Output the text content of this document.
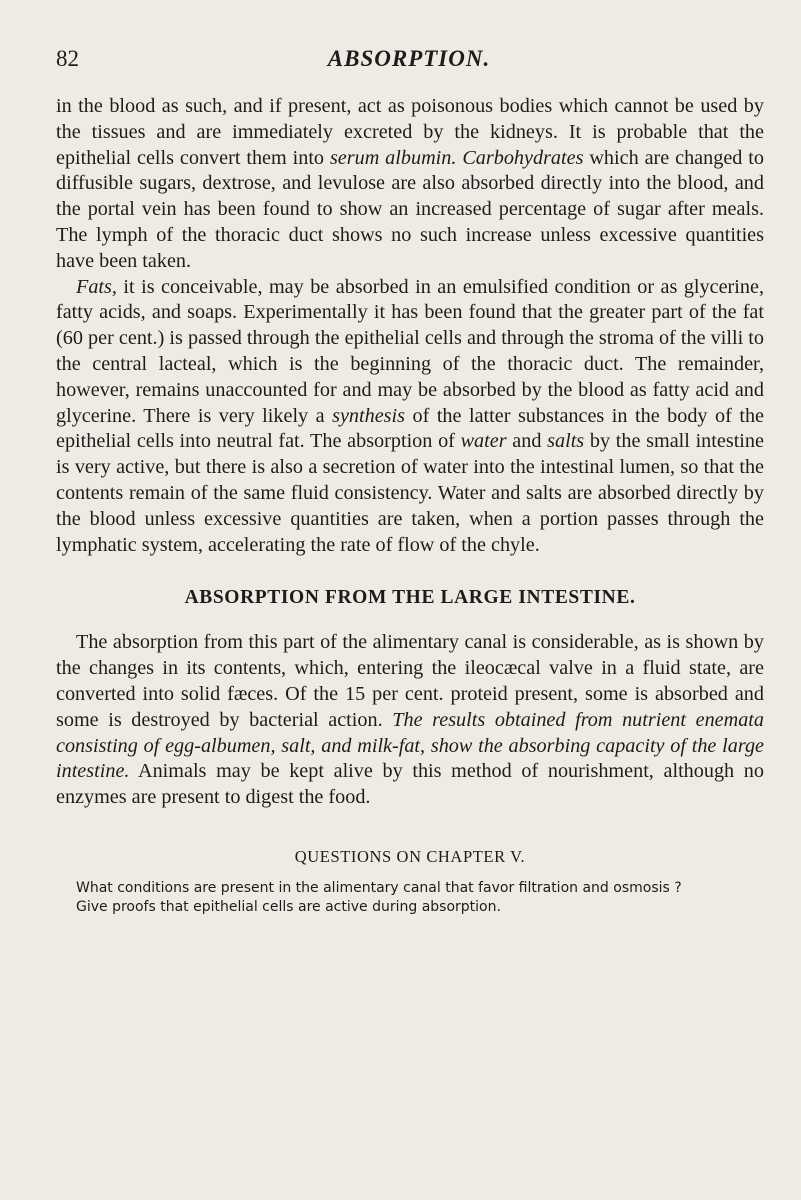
82	ABSORPTION.

in the blood as such, and if present, act as poisonous bodies which cannot be used by the tissues and are immediately excreted by the kidneys. It is probable that the epithelial cells convert them into serum albumin. Carbohydrates which are changed to diffusible sugars, dextrose, and levulose are also absorbed directly into the blood, and the portal vein has been found to show an increased percentage of sugar after meals. The lymph of the thoracic duct shows no such increase unless excessive quantities have been taken.

Fats, it is conceivable, may be absorbed in an emulsified condition or as glycerine, fatty acids, and soaps. Experimentally it has been found that the greater part of the fat (60 per cent.) is passed through the epithelial cells and through the stroma of the villi to the central lacteal, which is the beginning of the thoracic duct. The remainder, however, remains unaccounted for and may be absorbed by the blood as fatty acid and glycerine. There is very likely a synthesis of the latter substances in the body of the epithelial cells into neutral fat. The absorption of water and salts by the small intestine is very active, but there is also a secretion of water into the intestinal lumen, so that the contents remain of the same fluid consistency. Water and salts are absorbed directly by the blood unless excessive quantities are taken, when a portion passes through the lymphatic system, accelerating the rate of flow of the chyle.

ABSORPTION FROM THE LARGE INTESTINE.

The absorption from this part of the alimentary canal is considerable, as is shown by the changes in its contents, which, entering the ileocæcal valve in a fluid state, are converted into solid fæces. Of the 15 per cent. proteid present, some is absorbed and some is destroyed by bacterial action. The results obtained from nutrient enemata consisting of egg-albumen, salt, and milk-fat, show the absorbing capacity of the large intestine. Animals may be kept alive by this method of nourishment, although no enzymes are present to digest the food.

QUESTIONS ON CHAPTER V.

What conditions are present in the alimentary canal that favor filtration and osmosis ?

Give proofs that epithelial cells are active during absorption.
